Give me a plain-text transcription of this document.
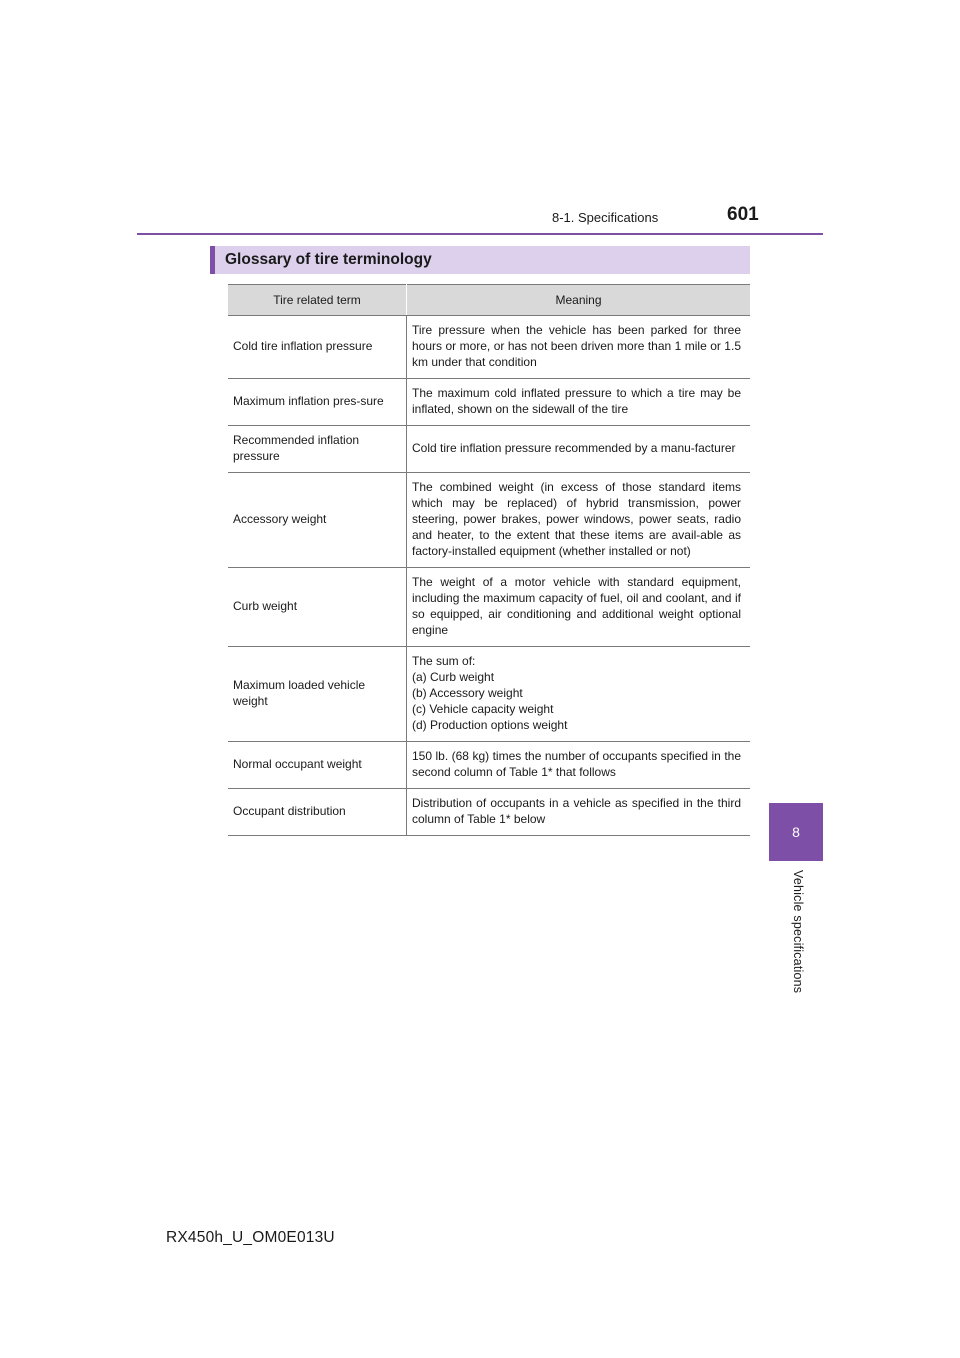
8-1. Specifications	601
8
Vehicle specifications
Glossary of tire terminology
Tire related term	Meaning
Cold tire inflation pressure	Tire pressure when the vehicle has been parked for three hours or more, or has not been driven more than 1 mile or 1.5 km under that condition

Maximum inflation pres-sure	The maximum cold inflated pressure to which a tire may be inflated, shown on the sidewall of the tire

Recommended inflation pressure	Cold tire inflation pressure recommended by a manu-facturer

Accessory weight	The combined weight (in excess of those standard items which may be replaced) of hybrid transmission, power steering, power brakes, power windows, power seats, radio and heater, to the extent that these items are avail-able as factory-installed equipment (whether installed or not)

Curb weight	The weight of a motor vehicle with standard equipment, including the maximum capacity of fuel, oil and coolant, and if so equipped, air conditioning and additional weight optional engine

Maximum loaded vehicle weight	The sum of:
(a) Curb weight
(b) Accessory weight
(c) Vehicle capacity weight
(d) Production options weight

Normal occupant weight	150 lb. (68 kg) times the number of occupants specified in the second column of Table 1* that follows

Occupant distribution	Distribution of occupants in a vehicle as specified in the third column of Table 1* below
RX450h_U_OM0E013U
